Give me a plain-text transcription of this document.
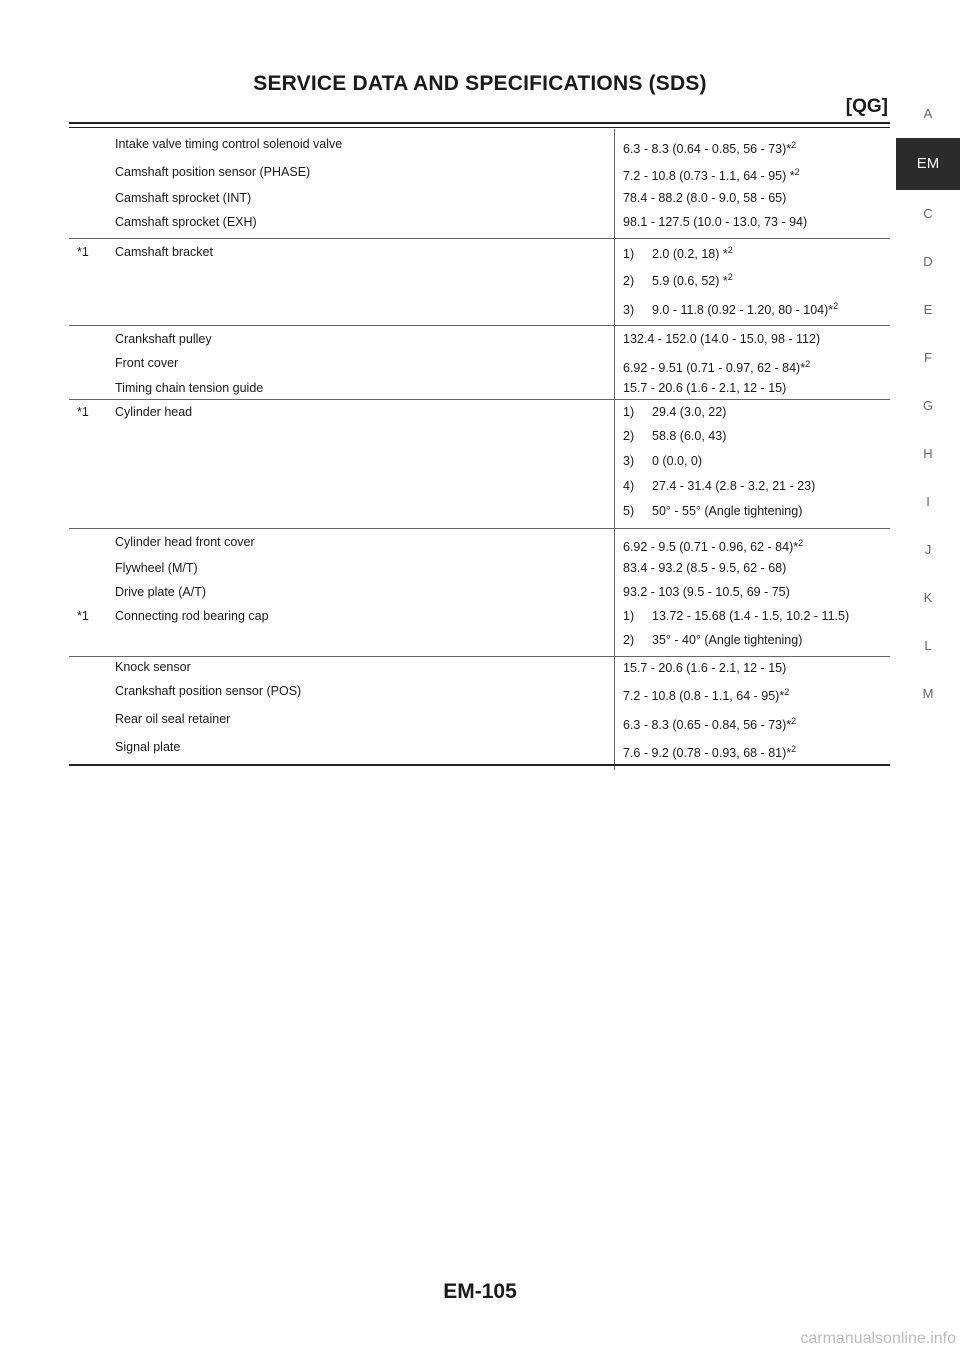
SERVICE DATA AND SPECIFICATIONS (SDS)
[QG]
	Intake valve timing control solenoid valve	6.3 - 8.3 (0.64 - 0.85, 56 - 73)*$^2$
	Camshaft position sensor (PHASE)	7.2 - 10.8 (0.73 - 1.1, 64 - 95) *$^2$
	Camshaft sprocket (INT)	78.4 - 88.2 (8.0 - 9.0, 58 - 65)
	Camshaft sprocket (EXH)	98.1 - 127.5 (10.0 - 13.0, 73 - 94)
*1	Camshaft bracket	1) 2.0 (0.2, 18) *$^2$
		2) 5.9 (0.6, 52) *$^2$
		3) 9.0 - 11.8 (0.92 - 1.20, 80 - 104)*$^2$
	Crankshaft pulley	132.4 - 152.0 (14.0 - 15.0, 98 - 112)
	Front cover	6.92 - 9.51 (0.71 - 0.97, 62 - 84)*$^2$
	Timing chain tension guide	15.7 - 20.6 (1.6 - 2.1, 12 - 15)
*1	Cylinder head	1) 29.4 (3.0, 22)
		2) 58.8 (6.0, 43)
		3) 0 (0.0, 0)
		4) 27.4 - 31.4 (2.8 - 3.2, 21 - 23)
		5) 50° - 55° (Angle tightening)
	Cylinder head front cover	6.92 - 9.5 (0.71 - 0.96, 62 - 84)*$^2$
	Flywheel (M/T)	83.4 - 93.2 (8.5 - 9.5, 62 - 68)
	Drive plate (A/T)	93.2 - 103 (9.5 - 10.5, 69 - 75)
*1	Connecting rod bearing cap	1) 13.72 - 15.68 (1.4 - 1.5, 10.2 - 11.5)
		2) 35° - 40° (Angle tightening)
	Knock sensor	15.7 - 20.6 (1.6 - 2.1, 12 - 15)
	Crankshaft position sensor (POS)	7.2 - 10.8 (0.8 - 1.1, 64 - 95)*$^2$
	Rear oil seal retainer	6.3 - 8.3 (0.65 - 0.84, 56 - 73)*$^2$
	Signal plate	7.6 - 9.2 (0.78 - 0.93, 68 - 81)*$^2$
A
EM
C
D
E
F
G
H
I
J
K
L
M
EM-105
carmanualsonline.info
